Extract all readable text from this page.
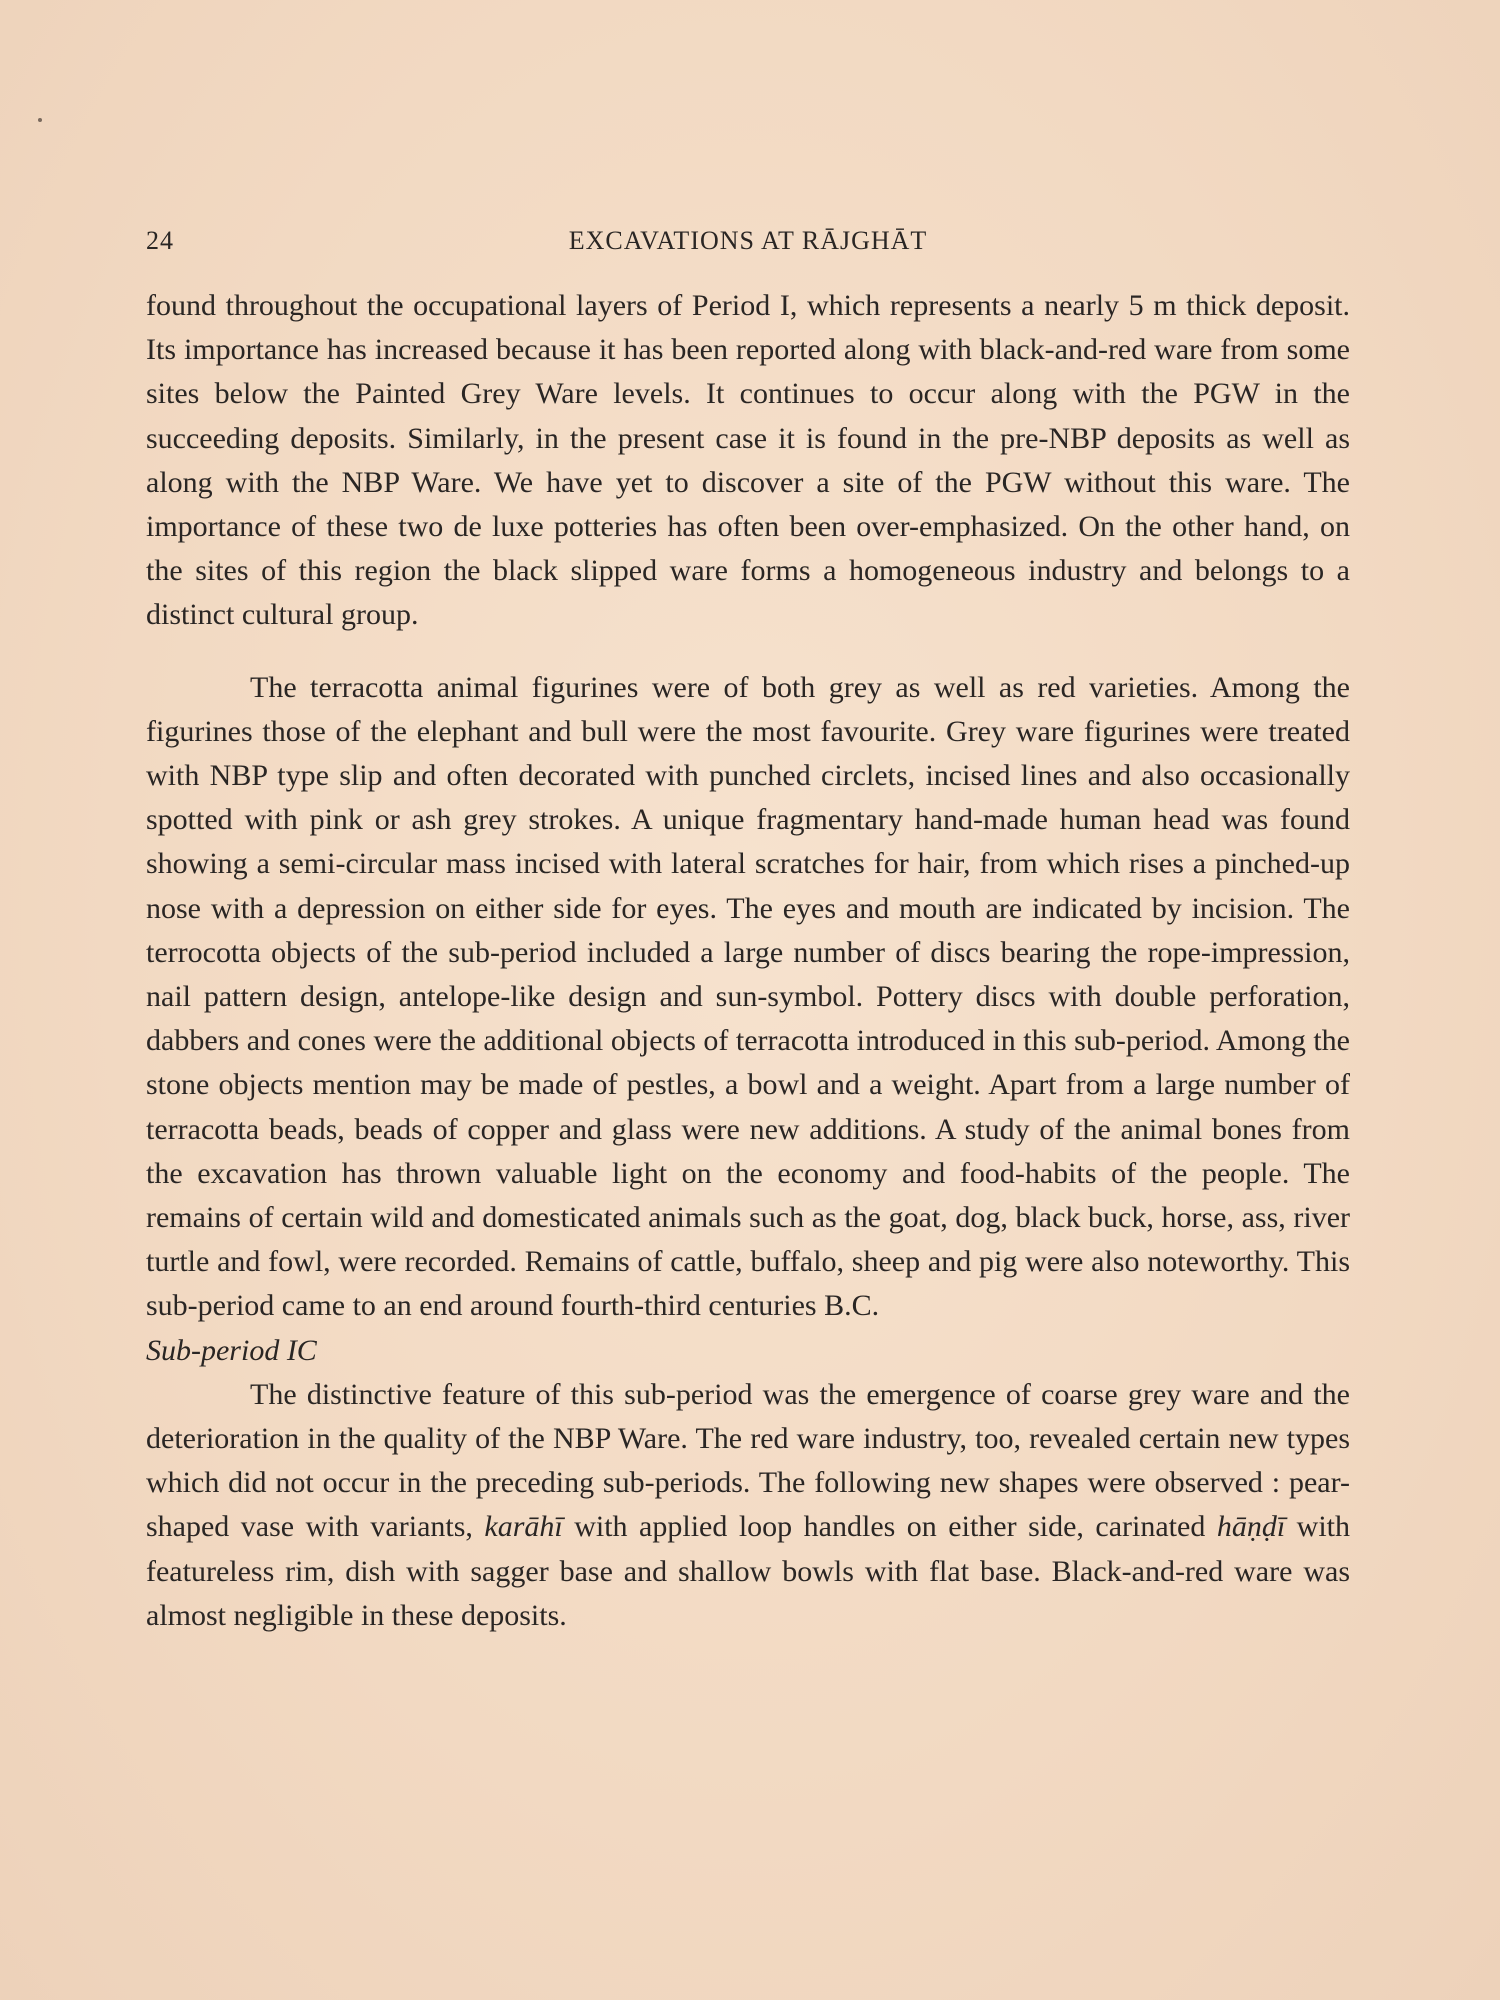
24	EXCAVATIONS AT RĀJGHĀT

found throughout the occupational layers of Period I, which represents a nearly 5 m thick deposit. Its importance has increased because it has been reported along with black-and-red ware from some sites below the Painted Grey Ware levels. It continues to occur along with the PGW in the succeeding deposits. Similarly, in the present case it is found in the pre-NBP deposits as well as along with the NBP Ware. We have yet to discover a site of the PGW without this ware. The importance of these two de luxe potteries has often been over-emphasized. On the other hand, on the sites of this region the black slipped ware forms a homogeneous industry and belongs to a distinct cultural group.

The terracotta animal figurines were of both grey as well as red varieties. Among the figurines those of the elephant and bull were the most favourite. Grey ware figurines were treated with NBP type slip and often decorated with punched circlets, incised lines and also occasionally spotted with pink or ash grey strokes. A unique fragmentary hand-made human head was found showing a semi-circular mass incised with lateral scratches for hair, from which rises a pinched-up nose with a depression on either side for eyes. The eyes and mouth are indicated by incision. The terrocotta objects of the sub-period included a large number of discs bearing the rope-impression, nail pattern design, antelope-like design and sun-symbol. Pottery discs with double perforation, dabbers and cones were the additional objects of terracotta introduced in this sub-period. Among the stone objects mention may be made of pestles, a bowl and a weight. Apart from a large number of terracotta beads, beads of copper and glass were new additions. A study of the animal bones from the excavation has thrown valuable light on the economy and food-habits of the people. The remains of certain wild and domesticated animals such as the goat, dog, black buck, horse, ass, river turtle and fowl, were recorded. Remains of cattle, buffalo, sheep and pig were also noteworthy. This sub-period came to an end around fourth-third centuries B.C.

Sub-period IC

The distinctive feature of this sub-period was the emergence of coarse grey ware and the deterioration in the quality of the NBP Ware. The red ware industry, too, revealed certain new types which did not occur in the preceding sub-periods. The following new shapes were observed : pear-shaped vase with variants, karāhī with applied loop handles on either side, carinated hāṇḍī with featureless rim, dish with sagger base and shallow bowls with flat base. Black-and-red ware was almost negligible in these deposits.
